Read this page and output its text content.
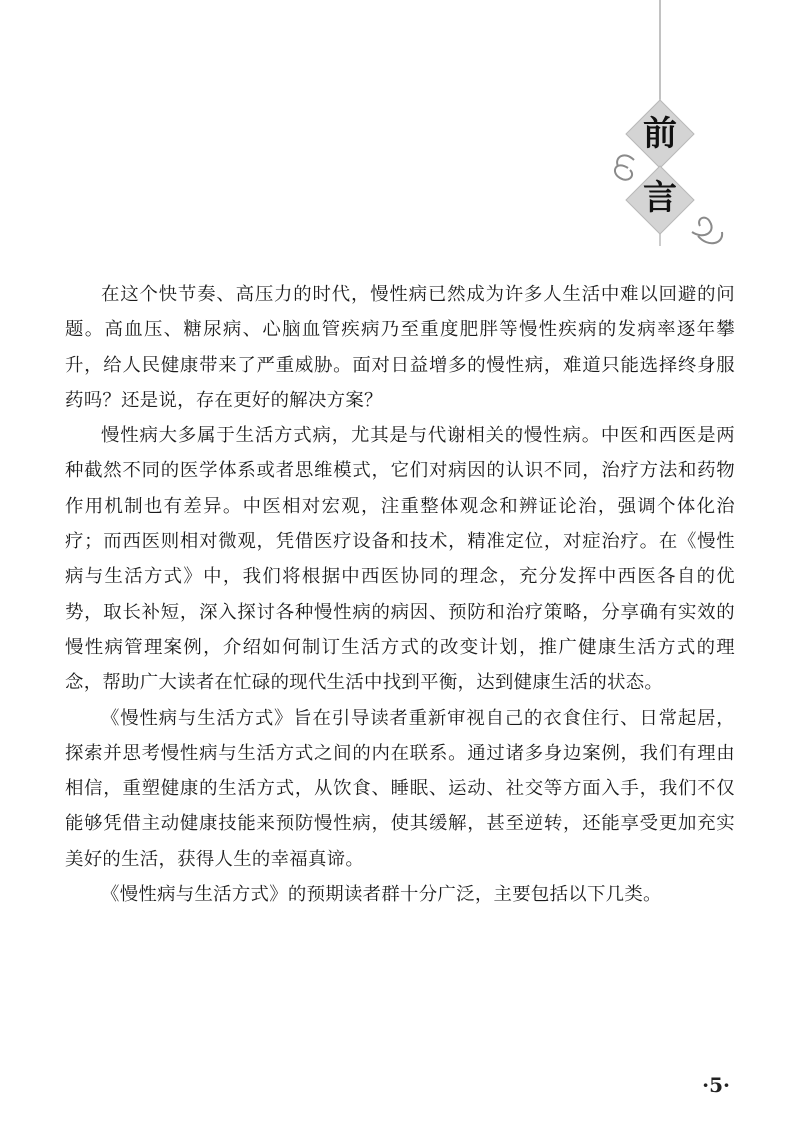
前
言

在这个快节奏、高压力的时代，慢性病已然成为许多人生活中难以回避的问题。高血压、糖尿病、心脑血管疾病乃至重度肥胖等慢性疾病的发病率逐年攀升，给人民健康带来了严重威胁。面对日益增多的慢性病，难道只能选择终身服药吗？还是说，存在更好的解决方案？

慢性病大多属于生活方式病，尤其是与代谢相关的慢性病。中医和西医是两种截然不同的医学体系或者思维模式，它们对病因的认识不同，治疗方法和药物作用机制也有差异。中医相对宏观，注重整体观念和辨证论治，强调个体化治疗；而西医则相对微观，凭借医疗设备和技术，精准定位，对症治疗。在《慢性病与生活方式》中，我们将根据中西医协同的理念，充分发挥中西医各自的优势，取长补短，深入探讨各种慢性病的病因、预防和治疗策略，分享确有实效的慢性病管理案例，介绍如何制订生活方式的改变计划，推广健康生活方式的理念，帮助广大读者在忙碌的现代生活中找到平衡，达到健康生活的状态。

《慢性病与生活方式》旨在引导读者重新审视自己的衣食住行、日常起居，探索并思考慢性病与生活方式之间的内在联系。通过诸多身边案例，我们有理由相信，重塑健康的生活方式，从饮食、睡眠、运动、社交等方面入手，我们不仅能够凭借主动健康技能来预防慢性病，使其缓解，甚至逆转，还能享受更加充实美好的生活，获得人生的幸福真谛。

《慢性病与生活方式》的预期读者群十分广泛，主要包括以下几类。

·5·
